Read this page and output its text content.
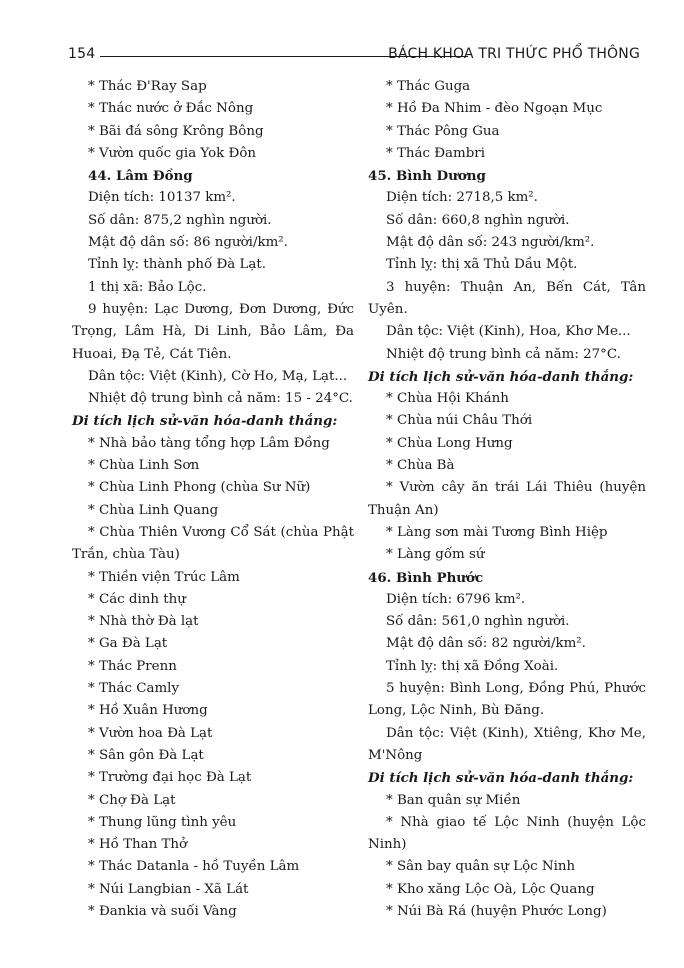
154	BÁCH KHOA TRI THỨC PHỔ THÔNG
* Thác Đ'Ray Sap
* Thác nước ở Đắc Nông
* Bãi đá sông Krông Bông
* Vườn quốc gia Yok Đôn
44. Lâm Đồng
Diện tích: 10137 km².
Số dân: 875,2 nghìn người.
Mật độ dân số: 86 người/km².
Tỉnh lỵ: thành phố Đà Lạt.
1 thị xã: Bảo Lộc.
9 huyện: Lạc Dương, Đơn Dương, Đức
Trọng, Lâm Hà, Di Linh, Bảo Lâm, Đa
Huoai, Đạ Tẻ, Cát Tiên.
Dân tộc: Việt (Kinh), Cờ Ho, Mạ, Lạt...
Nhiệt độ trung bình cả năm: 15 - 24°C.
Di tích lịch sử-văn hóa-danh thắng:
* Nhà bảo tàng tổng hợp Lâm Đồng
* Chùa Linh Sơn
* Chùa Linh Phong (chùa Sư Nữ)
* Chùa Linh Quang
* Chùa Thiên Vương Cổ Sát (chùa Phật
Trắn, chùa Tàu)
* Thiền viện Trúc Lâm
* Các dinh thự
* Nhà thờ Đà lạt
* Ga Đà Lạt
* Thác Prenn
* Thác Camly
* Hồ Xuân Hương
* Vườn hoa Đà Lạt
* Sân gôn Đà Lạt
* Trường đại học Đà Lạt
* Chợ Đà Lạt
* Thung lũng tình yêu
* Hồ Than Thở
* Thác Datanla - hồ Tuyền Lâm
* Núi Langbian - Xã Lát
* Đankia và suối Vàng
* Thác Guga
* Hồ Đa Nhim - đèo Ngoạn Mục
* Thác Pông Gua
* Thác Đambri
45. Bình Dương
Diện tích: 2718,5 km².
Số dân: 660,8 nghìn người.
Mật độ dân số: 243 người/km².
Tỉnh lỵ: thị xã Thủ Dầu Một.
3 huyện: Thuận An, Bến Cát, Tân
Uyên.
Dân tộc: Việt (Kinh), Hoa, Khơ Me...
Nhiệt độ trung bình cả năm: 27°C.
Di tích lịch sử-văn hóa-danh thắng:
* Chùa Hội Khánh
* Chùa núi Châu Thới
* Chùa Long Hưng
* Chùa Bà
* Vườn cây ăn trái Lái Thiêu (huyện
Thuận An)
* Làng sơn mài Tương Bình Hiệp
* Làng gốm sứ
46. Bình Phước
Diện tích: 6796 km².
Số dân: 561,0 nghìn người.
Mật độ dân số: 82 người/km².
Tỉnh lỵ: thị xã Đồng Xoài.
5 huyện: Bình Long, Đồng Phú, Phước
Long, Lộc Ninh, Bù Đăng.
Dân tộc: Việt (Kinh), Xtiêng, Khơ Me,
M'Nông
Di tích lịch sử-văn hóa-danh thắng:
* Ban quân sự Miền
* Nhà giao tế Lộc Ninh (huyện Lộc
Ninh)
* Sân bay quân sự Lộc Ninh
* Kho xăng Lộc Oà, Lộc Quang
* Núi Bà Rá (huyện Phước Long)
